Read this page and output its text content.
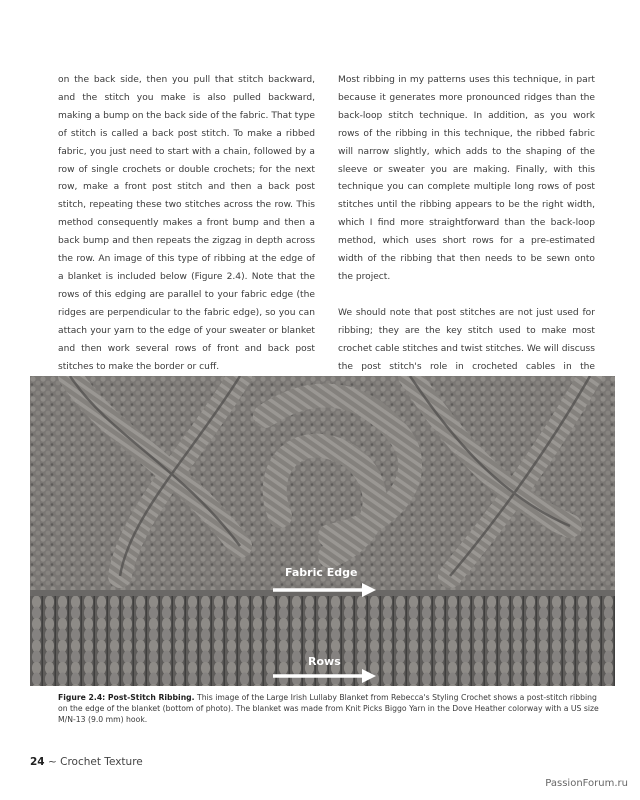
on the back side, then you pull that stitch backward, and the stitch you make is also pulled backward, making a bump on the back side of the fabric. That type of stitch is called a back post stitch. To make a ribbed fabric, you just need to start with a chain, followed by a row of single crochets or double crochets; for the next row, make a front post stitch and then a back post stitch, repeating these two stitches across the row. This method consequently makes a front bump and then a back bump and then repeats the zigzag in depth across the row. An image of this type of ribbing at the edge of a blanket is included below (Figure 2.4). Note that the rows of this edging are parallel to your fabric edge (the ridges are perpendicular to the fabric edge), so you can attach your yarn to the edge of your sweater or blanket and then work several rows of front and back post stitches to make the border or cuff.

Most ribbing in my patterns uses this technique, in part because it generates more pronounced ridges than the back-loop stitch technique. In addition, as you work rows of the ribbing in this technique, the ribbed fabric will narrow slightly, which adds to the shaping of the sleeve or sweater you are making. Finally, with this technique you can complete multiple long rows of post stitches until the ribbing appears to be the right width, which I find more straightforward than the back-loop method, which uses short rows for a pre-estimated width of the ribbing that then needs to be sewn onto the project.

We should note that post stitches are not just used for ribbing; they are the key stitch used to make most crochet cable stitches and twist stitches. We will discuss the post stitch's role in crocheted cables in the

Fabric Edge
Rows
Figure 2.4: Post-Stitch Ribbing. This image of the Large Irish Lullaby Blanket from Rebecca's Styling Crochet shows a post-stitch ribbing on the edge of the blanket (bottom of photo). The blanket was made from Knit Picks Biggo Yarn in the Dove Heather colorway with a US size M/N-13 (9.0 mm) hook.
24 ~ Crochet Texture
PassionForum.ru
